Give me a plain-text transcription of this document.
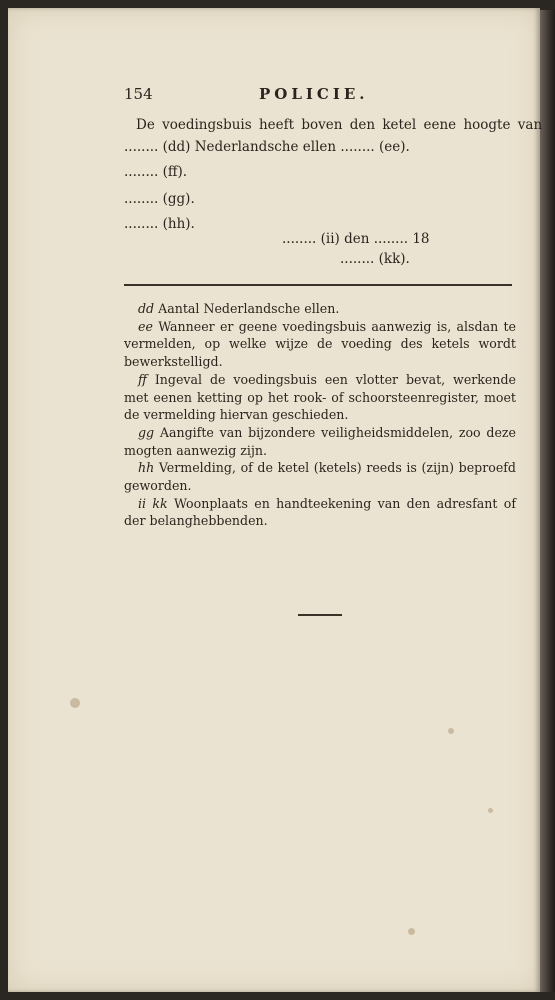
154	POLICIE.
De voedingsbuis heeft boven den ketel eene hoogte van
........ (dd) Nederlandsche ellen ........ (ee).
........ (ff).
........ (gg).
........ (hh).
........ (ii) den ........ 18
........ (kk).

dd Aantal Nederlandsche ellen.

ee Wanneer er geene voedingsbuis aanwezig is, alsdan te vermelden, op welke wijze de voeding des ketels wordt bewerkstelligd.

ff Ingeval de voedingsbuis een vlotter bevat, werkende met eenen ketting op het rook- of schoorsteenregister, moet de vermelding hiervan geschieden.

gg Aangifte van bijzondere veiligheidsmiddelen, zoo deze mogten aanwezig zijn.

hh Vermelding, of de ketel (ketels) reeds is (zijn) beproefd geworden.

ii kk Woonplaats en handteekening van den adresfant of der belanghebbenden.
